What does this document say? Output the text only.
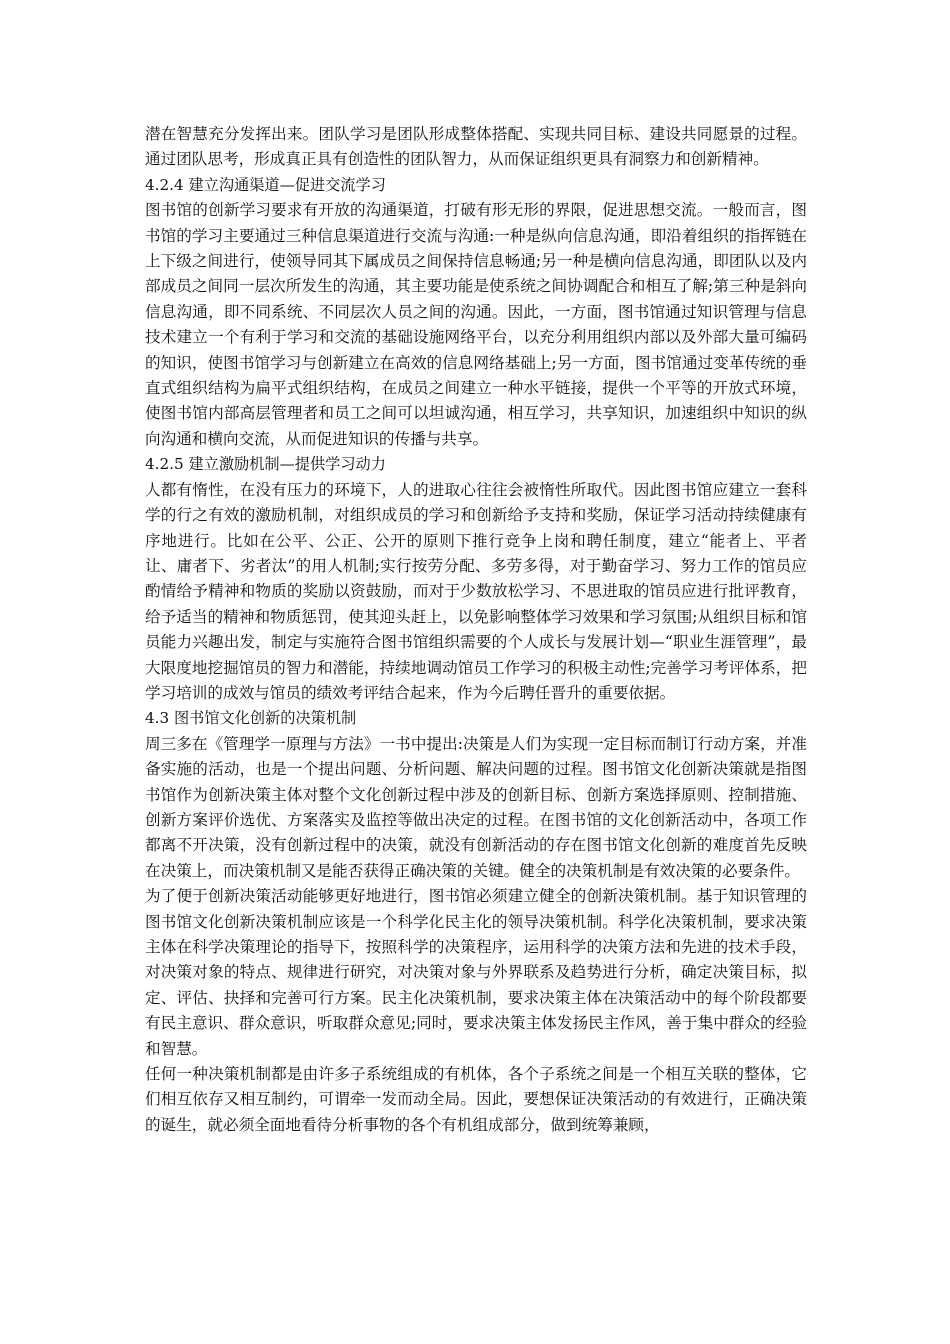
潜在智慧充分发挥出来。团队学习是团队形成整体搭配、实现共同目标、建设共同愿景的过程。通过团队思考，形成真正具有创造性的团队智力，从而保证组织更具有洞察力和创新精神。

4.2.4 建立沟通渠道—促进交流学习

图书馆的创新学习要求有开放的沟通渠道，打破有形无形的界限，促进思想交流。一般而言，图书馆的学习主要通过三种信息渠道进行交流与沟通:一种是纵向信息沟通，即沿着组织的指挥链在上下级之间进行，使领导同其下属成员之间保持信息畅通;另一种是横向信息沟通，即团队以及内部成员之间同一层次所发生的沟通，其主要功能是使系统之间协调配合和相互了解;第三种是斜向信息沟通，即不同系统、不同层次人员之间的沟通。因此，一方面，图书馆通过知识管理与信息技术建立一个有利于学习和交流的基础设施网络平台，以充分利用组织内部以及外部大量可编码的知识，使图书馆学习与创新建立在高效的信息网络基础上;另一方面，图书馆通过变革传统的垂直式组织结构为扁平式组织结构，在成员之间建立一种水平链接，提供一个平等的开放式环境，使图书馆内部高层管理者和员工之间可以坦诚沟通，相互学习，共享知识，加速组织中知识的纵向沟通和横向交流，从而促进知识的传播与共享。

4.2.5 建立激励机制—提供学习动力

人都有惰性，在没有压力的环境下，人的进取心往往会被惰性所取代。因此图书馆应建立一套科学的行之有效的激励机制，对组织成员的学习和创新给予支持和奖励，保证学习活动持续健康有序地进行。比如在公平、公正、公开的原则下推行竞争上岗和聘任制度，建立“能者上、平者让、庸者下、劣者汰”的用人机制;实行按劳分配、多劳多得，对于勤奋学习、努力工作的馆员应酌情给予精神和物质的奖励以资鼓励，而对于少数放松学习、不思进取的馆员应进行批评教育，给予适当的精神和物质惩罚，使其迎头赶上，以免影响整体学习效果和学习氛围;从组织目标和馆员能力兴趣出发，制定与实施符合图书馆组织需要的个人成长与发展计划—“职业生涯管理”，最大限度地挖掘馆员的智力和潜能，持续地调动馆员工作学习的积极主动性;完善学习考评体系，把学习培训的成效与馆员的绩效考评结合起来，作为今后聘任晋升的重要依据。

4.3 图书馆文化创新的决策机制

周三多在《管理学一原理与方法》一书中提出:决策是人们为实现一定目标而制订行动方案，并准备实施的活动，也是一个提出问题、分析问题、解决问题的过程。图书馆文化创新决策就是指图书馆作为创新决策主体对整个文化创新过程中涉及的创新目标、创新方案选择原则、控制措施、创新方案评价选优、方案落实及监控等做出决定的过程。在图书馆的文化创新活动中，各项工作都离不开决策，没有创新过程中的决策，就没有创新活动的存在图书馆文化创新的难度首先反映在决策上，而决策机制又是能否获得正确决策的关键。健全的决策机制是有效决策的必要条件。

为了便于创新决策活动能够更好地进行，图书馆必须建立健全的创新决策机制。基于知识管理的图书馆文化创新决策机制应该是一个科学化民主化的领导决策机制。科学化决策机制，要求决策主体在科学决策理论的指导下，按照科学的决策程序，运用科学的决策方法和先进的技术手段，对决策对象的特点、规律进行研究，对决策对象与外界联系及趋势进行分析，确定决策目标，拟定、评估、抉择和完善可行方案。民主化决策机制，要求决策主体在决策活动中的每个阶段都要有民主意识、群众意识，听取群众意见;同时，要求决策主体发扬民主作风，善于集中群众的经验和智慧。

任何一种决策机制都是由许多子系统组成的有机体，各个子系统之间是一个相互关联的整体，它们相互依存又相互制约，可谓牵一发而动全局。因此，要想保证决策活动的有效进行，正确决策的诞生，就必须全面地看待分析事物的各个有机组成部分，做到统筹兼顾，
